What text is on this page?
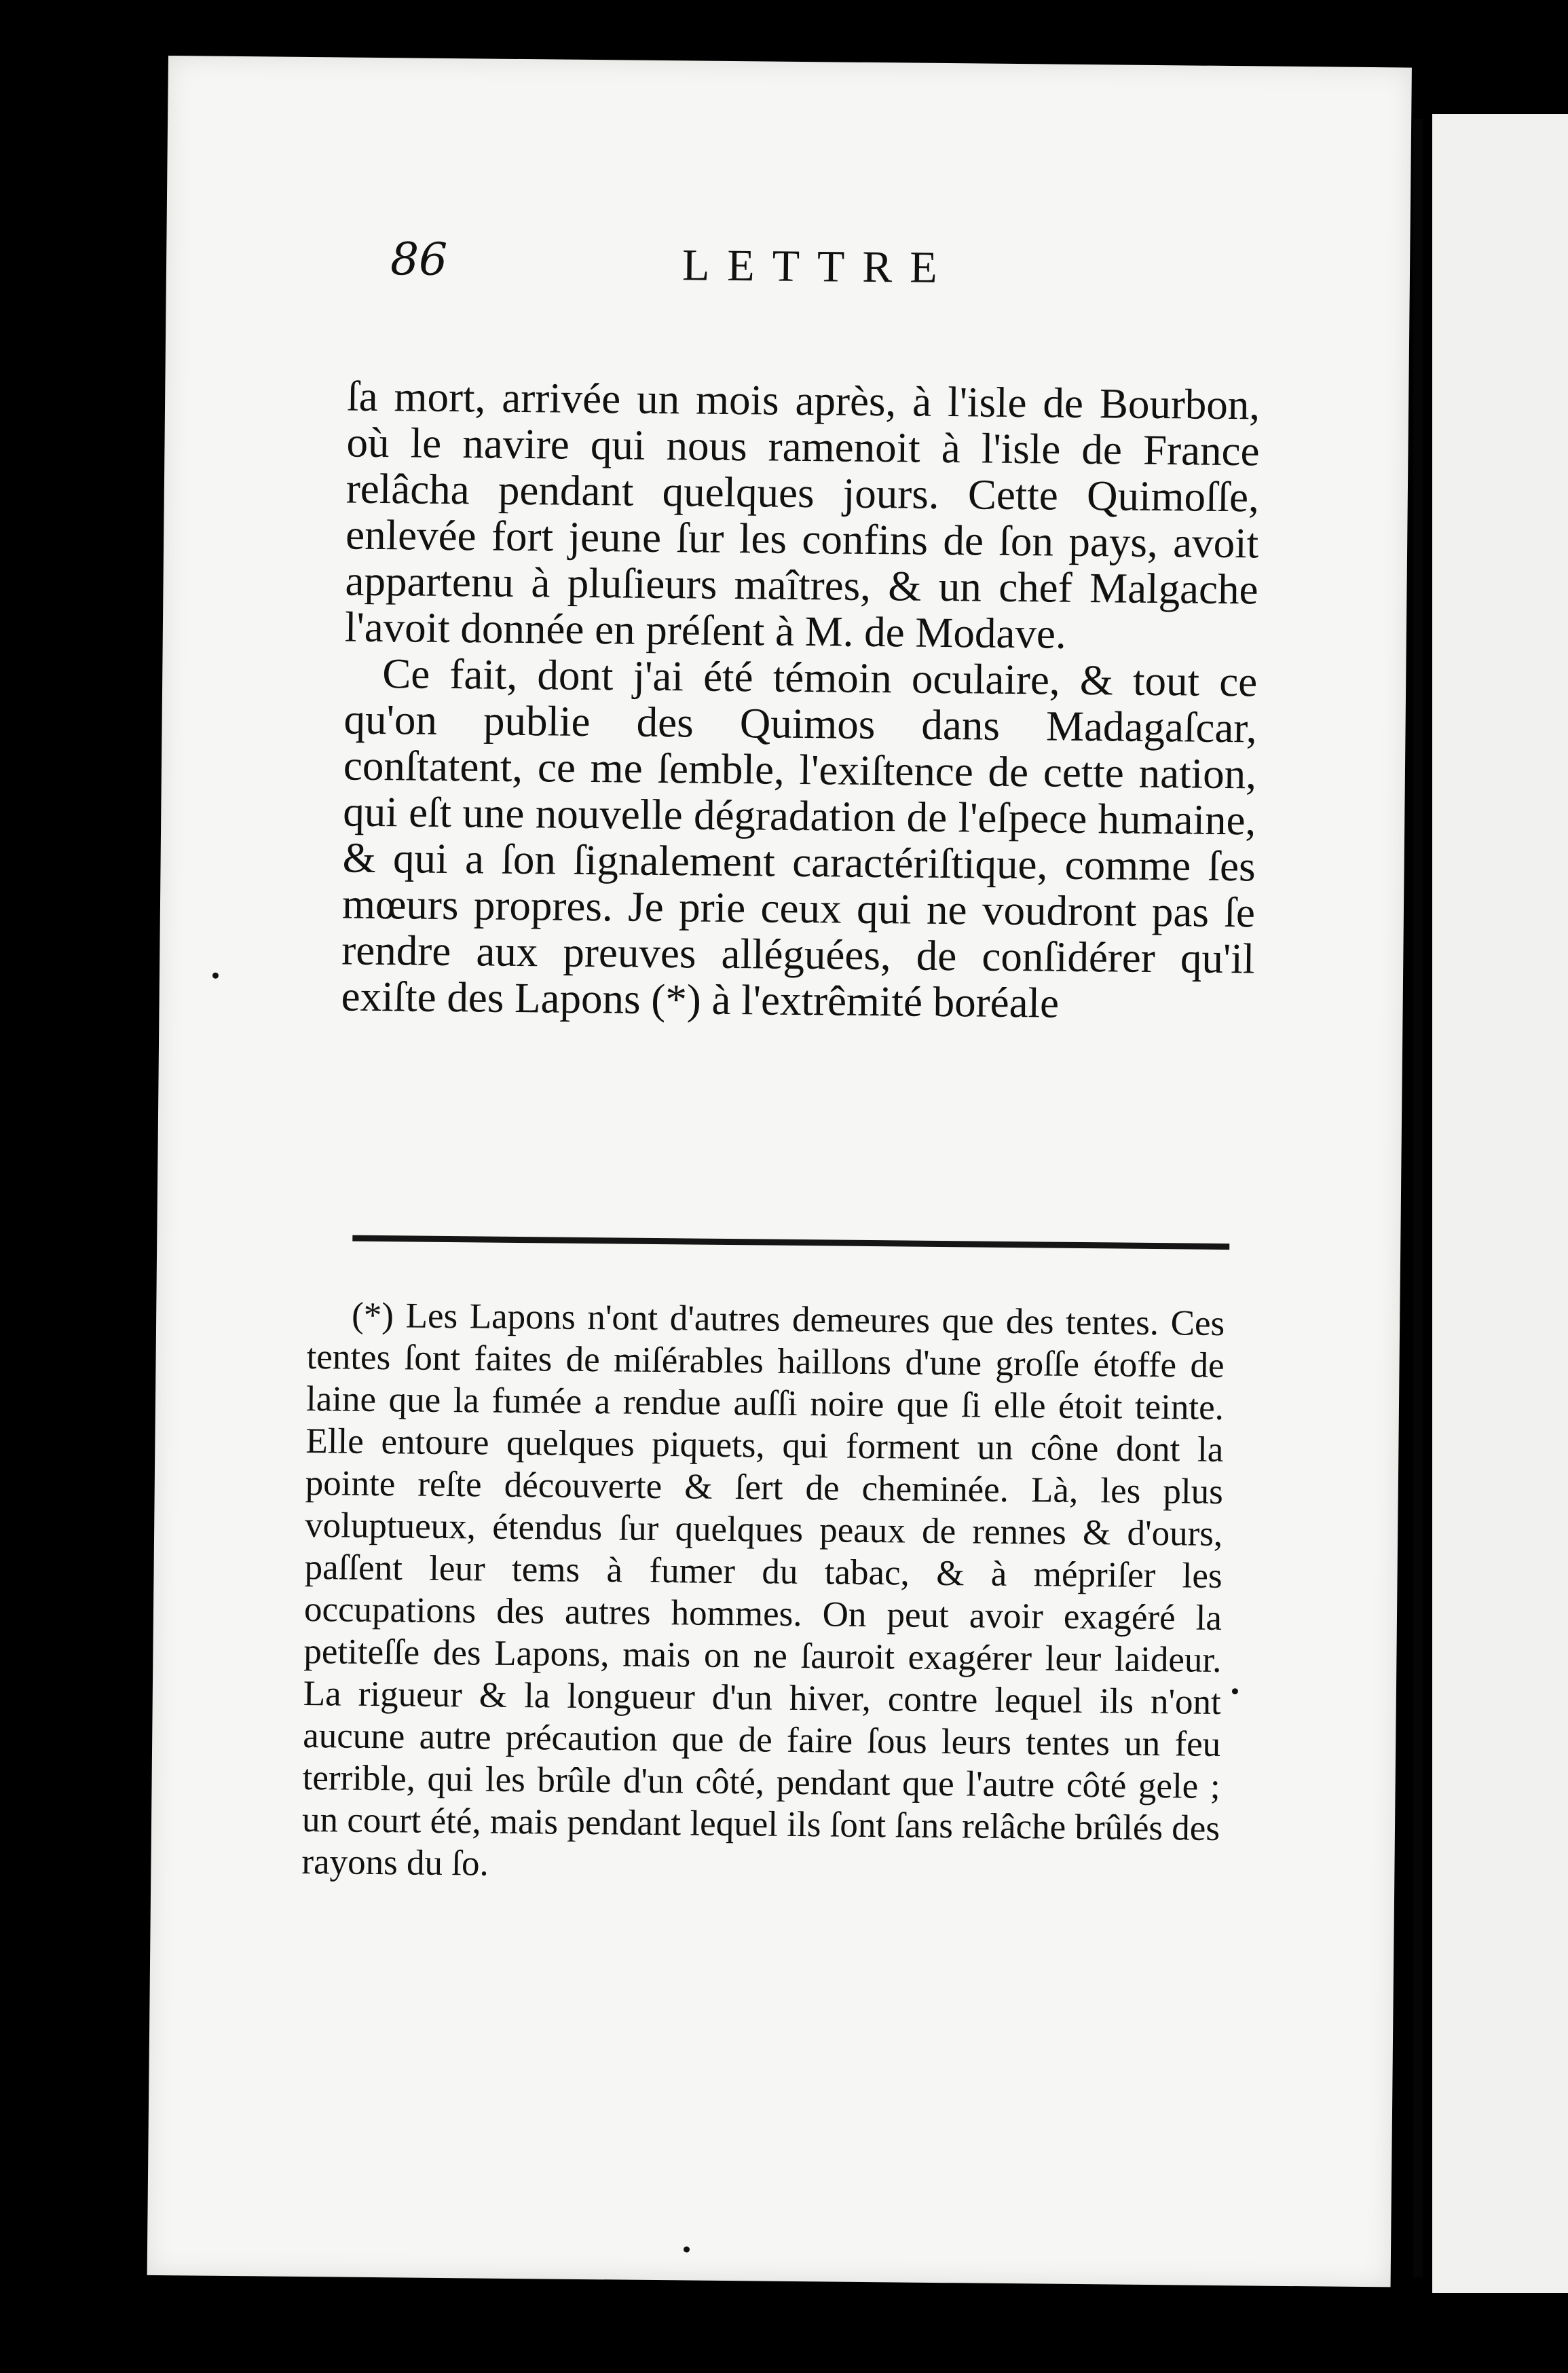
86	LETTRE

ſa mort, arrivée un mois après, à l'isle de Bourbon, où le navire qui nous ramenoit à l'isle de France relâcha pendant quelques jours. Cette Quimoſſe, enlevée fort jeune ſur les confins de ſon pays, avoit appartenu à pluſieurs maîtres, & un chef Malgache l'avoit donnée en préſent à M. de Modave.

Ce fait, dont j'ai été témoin oculaire, & tout ce qu'on publie des Quimos dans Madagaſcar, conſtatent, ce me ſemble, l'exiſtence de cette nation, qui eſt une nouvelle dégradation de l'eſpece humaine, & qui a ſon ſignalement caractériſtique, comme ſes mœurs propres. Je prie ceux qui ne voudront pas ſe rendre aux preuves alléguées, de conſidérer qu'il exiſte des Lapons (*) à l'extrêmité boréale

(*) Les Lapons n'ont d'autres demeures que des tentes. Ces tentes ſont faites de miſérables haillons d'une groſſe étoffe de laine que la fumée a rendue auſſi noire que ſi elle étoit teinte. Elle entoure quelques piquets, qui forment un cône dont la pointe reſte découverte & ſert de cheminée. Là, les plus voluptueux, étendus ſur quelques peaux de rennes & d'ours, paſſent leur tems à fumer du tabac, & à mépriſer les occupations des autres hommes. On peut avoir exagéré la petiteſſe des Lapons, mais on ne ſauroit exagérer leur laideur. La rigueur & la longueur d'un hiver, contre lequel ils n'ont aucune autre précaution que de faire ſous leurs tentes un feu terrible, qui les brûle d'un côté, pendant que l'autre côté gele ; un court été, mais pendant lequel ils ſont ſans relâche brûlés des rayons du ſo.
